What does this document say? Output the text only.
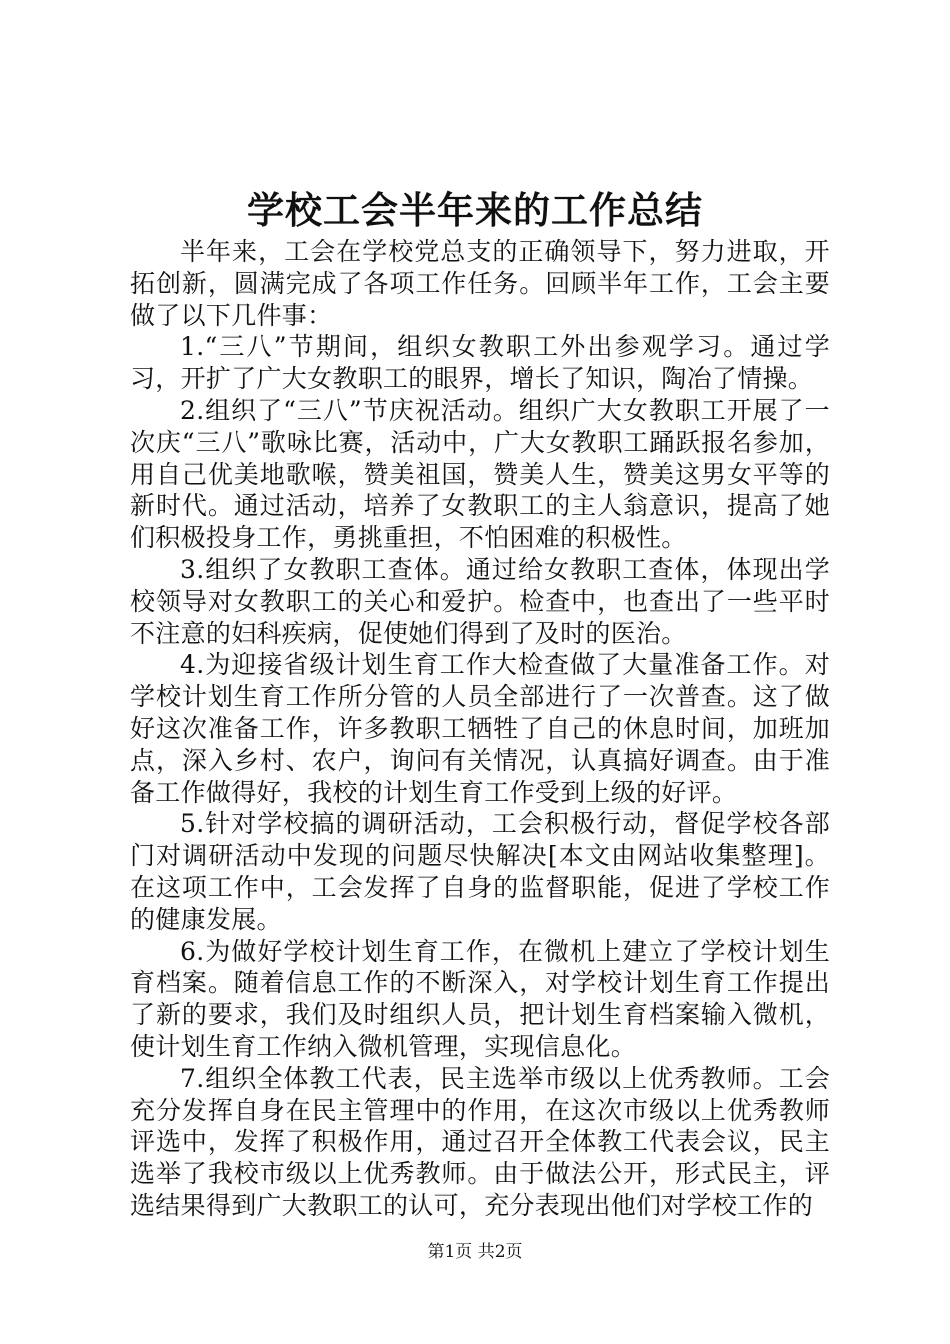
学校工会半年来的工作总结

半年来，工会在学校党总支的正确领导下，努力进取，开拓创新，圆满完成了各项工作任务。回顾半年工作，工会主要做了以下几件事：

1.“三八”节期间，组织女教职工外出参观学习。通过学习，开扩了广大女教职工的眼界，增长了知识，陶冶了情操。

2.组织了“三八”节庆祝活动。组织广大女教职工开展了一次庆“三八”歌咏比赛，活动中，广大女教职工踊跃报名参加，用自己优美地歌喉，赞美祖国，赞美人生，赞美这男女平等的新时代。通过活动，培养了女教职工的主人翁意识，提高了她们积极投身工作，勇挑重担，不怕困难的积极性。

3.组织了女教职工查体。通过给女教职工查体，体现出学校领导对女教职工的关心和爱护。检查中，也查出了一些平时不注意的妇科疾病，促使她们得到了及时的医治。

4.为迎接省级计划生育工作大检查做了大量准备工作。对学校计划生育工作所分管的人员全部进行了一次普查。这了做好这次准备工作，许多教职工牺牲了自己的休息时间，加班加点，深入乡村、农户，询问有关情况，认真搞好调查。由于准备工作做得好，我校的计划生育工作受到上级的好评。

5.针对学校搞的调研活动，工会积极行动，督促学校各部门对调研活动中发现的问题尽快解决[本文由网站收集整理]。在这项工作中，工会发挥了自身的监督职能，促进了学校工作的健康发展。

6.为做好学校计划生育工作，在微机上建立了学校计划生育档案。随着信息工作的不断深入，对学校计划生育工作提出了新的要求，我们及时组织人员，把计划生育档案输入微机，使计划生育工作纳入微机管理，实现信息化。

7.组织全体教工代表，民主选举市级以上优秀教师。工会充分发挥自身在民主管理中的作用，在这次市级以上优秀教师评选中，发挥了积极作用，通过召开全体教工代表会议，民主选举了我校市级以上优秀教师。由于做法公开，形式民主，评选结果得到广大教职工的认可，充分表现出他们对学校工作的

第1页 共2页
